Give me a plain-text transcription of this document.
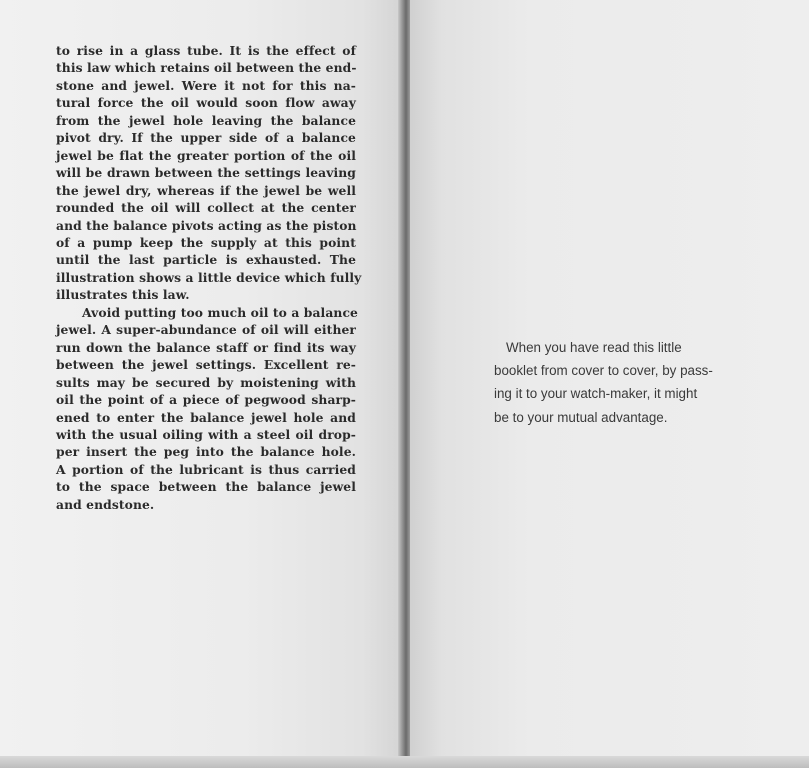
to rise in a glass tube. It is the effect of
this law which retains oil between the end-
stone and jewel. Were it not for this na-
tural force the oil would soon flow away
from the jewel hole leaving the balance
pivot dry. If the upper side of a balance
jewel be flat the greater portion of the oil
will be drawn between the settings leaving
the jewel dry, whereas if the jewel be well
rounded the oil will collect at the center
and the balance pivots acting as the piston
of a pump keep the supply at this point
until the last particle is exhausted. The
illustration shows a little device which fully
illustrates this law.
Avoid putting too much oil to a balance
jewel. A super-abundance of oil will either
run down the balance staff or find its way
between the jewel settings. Excellent re-
sults may be secured by moistening with
oil the point of a piece of pegwood sharp-
ened to enter the balance jewel hole and
with the usual oiling with a steel oil drop-
per insert the peg into the balance hole.
A portion of the lubricant is thus carried
to the space between the balance jewel
and endstone.
When you have read this little
booklet from cover to cover, by pass-
ing it to your watch-maker, it might
be to your mutual advantage.
